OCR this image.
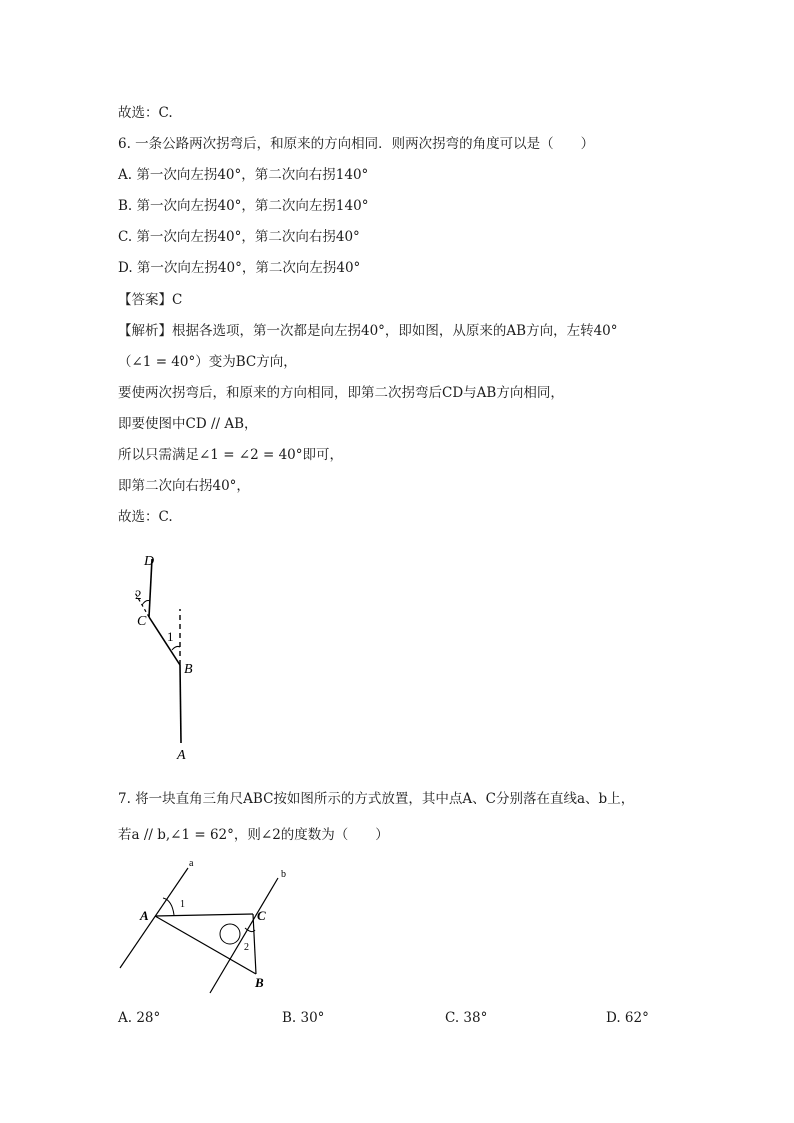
故选：C.
6. 一条公路两次拐弯后，和原来的方向相同．则两次拐弯的角度可以是（　　）
A. 第一次向左拐40°，第二次向右拐140°
B. 第一次向左拐40°，第二次向左拐140°
C. 第一次向左拐40°，第二次向右拐40°
D. 第一次向左拐40°，第二次向左拐40°
【答案】C
【解析】根据各选项，第一次都是向左拐40°，即如图，从原来的AB方向，左转40°
（∠1 = 40°）变为BC方向，
要使两次拐弯后，和原来的方向相同，即第二次拐弯后CD与AB方向相同，
即要使图中CD // AB，
所以只需满足∠1 = ∠2 = 40°即可，
即第二次向右拐40°，
故选：C.
D
2
C
1
B
A
7. 将一块直角三角尺ABC按如图所示的方式放置，其中点A、C分别落在直线a、b上，
若a // b,∠1 = 62°，则∠2的度数为（　　）
a
b
1
A	C
2
B
A. 28°	B. 30°	C. 38°	D. 62°
